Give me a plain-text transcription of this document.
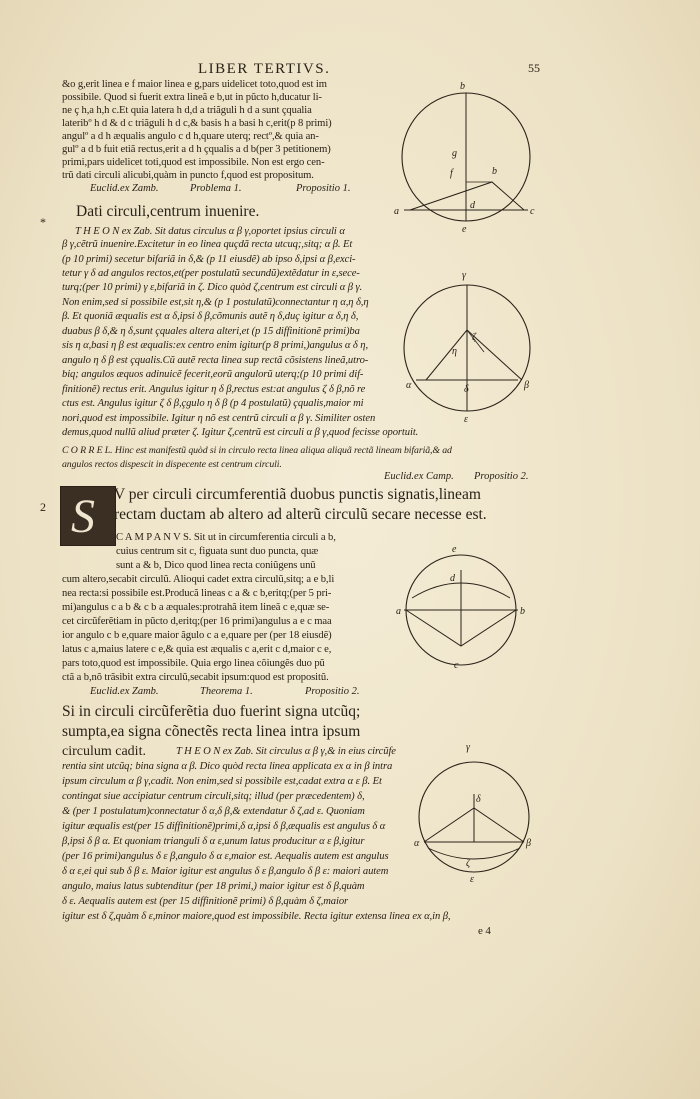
LIBER TERTIVS.	55
&o g,erit linea e f maior linea e g,pars uidelicet toto,quod est im
possibile. Quod si fuerit extra lineã e b,ut in pũcto h,ducatur li-
ne ç h,a h,h c.Et quia latera h d,d a triãguli h d a sunt çqualia
lateribº h d & d c triãguli h d c,& basis h a basi h c,erit(p 8 primi)
angulº a d h æqualis angulo c d h,quare uterq; rectº,& quia an-
gulº a d b fuit etiã rectus,erit a d h çqualis a d b(per 3 petitionem)
primi,pars uidelicet toti,quod est impossibile. Non est ergo cen-
trũ dati circuli alicubi,quàm in puncto f,quod est propositum.
Euclid.ex Zamb.	Problema 1.	Propositio 1.
Dati circuli,centrum inuenire.
T H E O N ex Zab. Sit datus circulus α β γ,oportet ipsius circuli α
β γ,cẽtrũ inuenire.Excitetur in eo linea quçdã recta utcuq;,sitq; α β. Et
(p 10 primi) secetur bifariã in δ,& (p 11 eiusdẽ) ab ipso δ,ipsi α β,exci-
tetur γ δ ad angulos rectos,et(per postulatũ secundũ)extẽdatur in ε,sece-
turq;(per 10 primi) γ ε,bifariã in ζ. Dico quòd ζ,centrum est circuli α β γ.
Non enim,sed si possibile est,sit η,& (p 1 postulatũ)connectantur η α,η δ,η
β. Et quoniã æqualis est α δ,ipsi δ β,cõmunis autẽ η δ,duç igitur α δ,η δ,
duabus β δ,& η δ,sunt çquales altera alteri,et (p 15 diffinitionẽ primi)ba
sis η α,basi η β est æqualis:ex centro enim igitur(p 8 primi,)angulus α δ η,
angulo η δ β est çqualis.Cũ autẽ recta linea sup rectã cõsistens lineã,utro-
biq; angulos æquos adinuicẽ fecerit,eorũ angulorũ uterq;(p 10 primi dif-
finitionẽ) rectus erit. Angulus igitur η δ β,rectus est:at angulus ζ δ β,nõ re
ctus est. Angulus igitur ζ δ β,çgulo η δ β (p 4 postulatũ) çqualis,maior mi
nori,quod est impossibile. Igitur η nõ est centrũ circuli α β γ. Similiter osten
demus,quod nullũ aliud præter ζ. Igitur ζ,centrũ est circuli α β γ,quod fecisse oportuit.
C O R R E L. Hinc est manifestũ quòd si in circulo recta linea aliqua aliquã rectã lineam bifariã,& ad
angulos rectos dispescit in dispecente est centrum circuli.
Euclid.ex Camp. Propositio 2.
*
2 S V per circuli circumferentiã duobus punctis signatis,lineam
rectam ductam ab altero ad alterũ circulũ secare necesse est.
C A M P A N V S. Sit ut in circumferentia circuli a b,
cuius centrum sit c, figuata sunt duo puncta, quæ
sunt a & b, Dico quod linea recta coniũgens unũ
cum altero,secabit circulũ. Alioqui cadet extra circulũ,sitq; a e b,li
nea recta:si possibile est.Producã lineas c a & c b,eritq;(per 5 pri-
mi)angulus c a b & c b a æquales:protrahã item lineã c e,quæ se-
cet circũferẽtiam in pũcto d,eritq;(per 16 primi)angulus a e c maa
ior angulo c b e,quare maior ãgulo c a e,quare per (per 18 eiusdẽ)
latus c a,maius latere c e,& quia est æqualis c a,erit c d,maior c e,
pars toto,quod est impossibile. Quia ergo linea cõiungẽs duo pũ
ctã a b,nõ trãsibit extra circulũ,secabit ipsum:quod est propositũ.
Euclid.ex Zamb.	Theorema 1.	Propositio 2.
Si in circuli circũferẽtia duo fuerint signa utcũq;
sumpta,ea signa cõnectẽs recta linea intra ipsum
circulum cadit.	T H E O N ex Zab. Sit circulus α β γ,& in eius circũfe
rentia sint utcũq; bina signa α β. Dico quòd recta linea applicata ex α in β intra
ipsum circulum α β γ,cadit. Non enim,sed si possibile est,cadat extra α ε β. Et
contingat siue accipiatur centrum circuli,sitq; illud (per præcedentem) δ,
& (per 1 postulatum)connectatur δ α,δ β,& extendatur δ ζ,ad ε. Quoniam
igitur æqualis est(per 15 diffinitionẽ)primi,δ α,ipsi δ β,æqualis est angulus δ α
β,ipsi δ β α. Et quoniam trianguli δ α ε,unum latus producitur α ε β,igitur
(per 16 primi)angulus δ ε β,angulo δ α ε,maior est. Aequalis autem est angulus
δ α ε,ei qui sub δ β ε. Maior igitur est angulus δ ε β,angulo δ β ε: maiori autem
angulo, maius latus subtenditur (per 18 primi,) maior igitur est δ β,quàm
δ ε. Aequalis autem est (per 15 diffinitionẽ primi) δ β,quàm δ ζ,maior
igitur est δ ζ,quàm δ ε,minor maiore,quod est impossibile. Recta igitur extensa linea ex α,in β,
e 4
b
g
f	b
d
a	c
e
γ
ζ
η
α	δ	β
ε
e
d
a	b
c
γ
δ
α	β
ζ
ε
